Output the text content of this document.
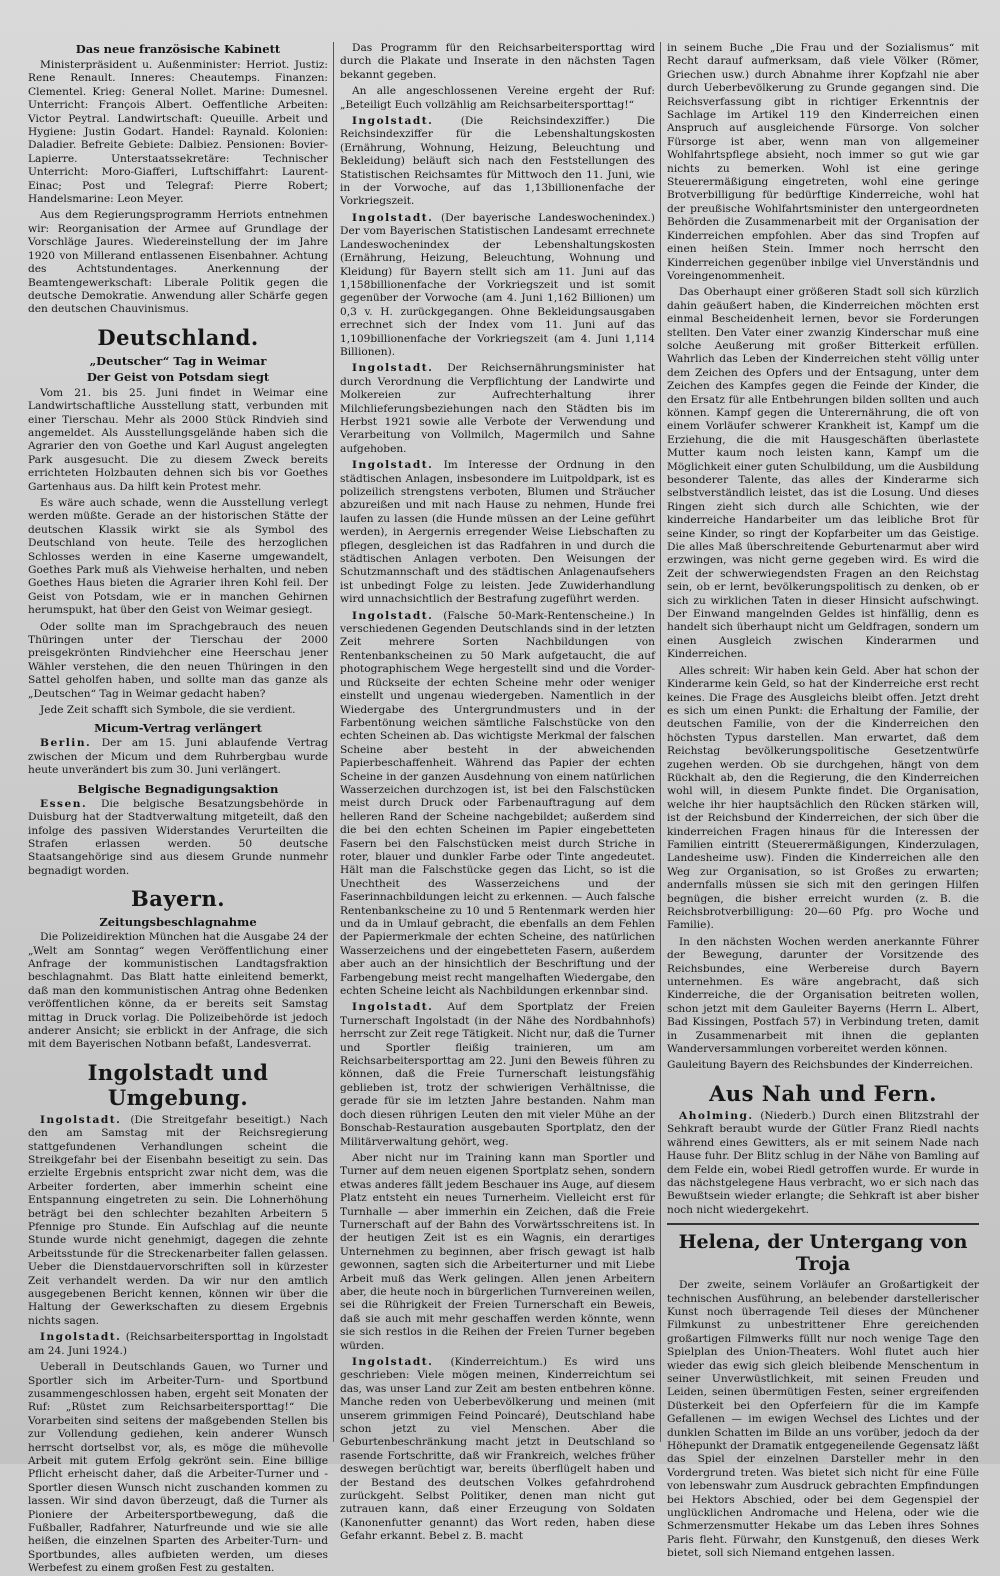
Das neue französische Kabinett

Ministerpräsident u. Außenminister: Herriot. Justiz: Rene Renault. Inneres: Cheautemps. Finanzen: Clementel. Krieg: General Nollet. Marine: Dumesnel. Unterricht: François Albert. Oeffentliche Arbeiten: Victor Peytral. Landwirtschaft: Queuille. Arbeit und Hygiene: Justin Godart. Handel: Raynald. Kolonien: Daladier. Befreite Gebiete: Dalbiez. Pensionen: Bovier-Lapierre. Unterstaatssekretäre: Technischer Unterricht: Moro-Giafferi, Luftschiffahrt: Laurent-Einac; Post und Telegraf: Pierre Robert; Handelsmarine: Leon Meyer.

Aus dem Regierungsprogramm Herriots entnehmen wir: Reorganisation der Armee auf Grundlage der Vorschläge Jaures. Wiedereinstellung der im Jahre 1920 von Millerand entlassenen Eisenbahner. Achtung des Achtstundentages. Anerkennung der Beamtengewerkschaft: Liberale Politik gegen die deutsche Demokratie. Anwendung aller Schärfe gegen den deutschen Chauvinismus.

Deutschland.
„Deutscher“ Tag in Weimar
Der Geist von Potsdam siegt

Vom 21. bis 25. Juni findet in Weimar eine Landwirtschaftliche Ausstellung statt, verbunden mit einer Tierschau. Mehr als 2000 Stück Rindvieh sind angemeldet. Als Ausstellungsgelände haben sich die Agrarier den von Goethe und Karl August angelegten Park ausgesucht. Die zu diesem Zweck bereits errichteten Holzbauten dehnen sich bis vor Goethes Gartenhaus aus. Da hilft kein Protest mehr.

Es wäre auch schade, wenn die Ausstellung verlegt werden müßte. Gerade an der historischen Stätte der deutschen Klassik wirkt sie als Symbol des Deutschland von heute. Teile des herzoglichen Schlosses werden in eine Kaserne umgewandelt, Goethes Park muß als Viehweise herhalten, und neben Goethes Haus bieten die Agrarier ihren Kohl feil. Der Geist von Potsdam, wie er in manchen Gehirnen herumspukt, hat über den Geist von Weimar gesiegt.

Oder sollte man im Sprachgebrauch des neuen Thüringen unter der Tierschau der 2000 preisgekrönten Rindviehcher eine Heerschau jener Wähler verstehen, die den neuen Thüringen in den Sattel geholfen haben, und sollte man das ganze als „Deutschen“ Tag in Weimar gedacht haben?

Jede Zeit schafft sich Symbole, die sie verdient.

Micum-Vertrag verlängert

Berlin. Der am 15. Juni ablaufende Vertrag zwischen der Micum und dem Ruhrbergbau wurde heute unverändert bis zum 30. Juni verlängert.

Belgische Begnadigungsaktion

Essen. Die belgische Besatzungsbehörde in Duisburg hat der Stadtverwaltung mitgeteilt, daß den infolge des passiven Widerstandes Verurteilten die Strafen erlassen werden. 50 deutsche Staatsangehörige sind aus diesem Grunde nunmehr begnadigt worden.

Bayern.
Zeitungsbeschlagnahme

Die Polizeidirektion München hat die Ausgabe 24 der „Welt am Sonntag“ wegen Veröffentlichung einer Anfrage der kommunistischen Landtagsfraktion beschlagnahmt. Das Blatt hatte einleitend bemerkt, daß man den kommunistischen Antrag ohne Bedenken veröffentlichen könne, da er bereits seit Samstag mittag in Druck vorlag. Die Polizeibehörde ist jedoch anderer Ansicht; sie erblickt in der Anfrage, die sich mit dem Bayerischen Notbann befaßt, Landesverrat.

Ingolstadt und Umgebung.

Ingolstadt. (Die Streitgefahr beseitigt.) Nach den am Samstag mit der Reichsregierung stattgefundenen Verhandlungen scheint die Streikgefahr bei der Eisenbahn beseitigt zu sein. Das erzielte Ergebnis entspricht zwar nicht dem, was die Arbeiter forderten, aber immerhin scheint eine Entspannung eingetreten zu sein. Die Lohnerhöhung beträgt bei den schlechter bezahlten Arbeitern 5 Pfennige pro Stunde. Ein Aufschlag auf die neunte Stunde wurde nicht genehmigt, dagegen die zehnte Arbeitsstunde für die Streckenarbeiter fallen gelassen. Ueber die Dienstdauervorschriften soll in kürzester Zeit verhandelt werden. Da wir nur den amtlich ausgegebenen Bericht kennen, können wir über die Haltung der Gewerkschaften zu diesem Ergebnis nichts sagen.

Ingolstadt. (Reichsarbeitersporttag in Ingolstadt am 24. Juni 1924.)

Ueberall in Deutschlands Gauen, wo Turner und Sportler sich im Arbeiter-Turn- und Sportbund zusammengeschlossen haben, ergeht seit Monaten der Ruf: „Rüstet zum Reichsarbeitersporttag!“ Die Vorarbeiten sind seitens der maßgebenden Stellen bis zur Vollendung gediehen, kein anderer Wunsch herrscht dortselbst vor, als, es möge die mühevolle Arbeit mit gutem Erfolg gekrönt sein. Eine billige Pflicht erheischt daher, daß die Arbeiter-Turner und -Sportler diesen Wunsch nicht zuschanden kommen zu lassen. Wir sind davon überzeugt, daß die Turner als Pioniere der Arbeitersportbewegung, daß die Fußballer, Radfahrer, Naturfreunde und wie sie alle heißen, die einzelnen Sparten des Arbeiter-Turn- und Sportbundes, alles aufbieten werden, um dieses Werbefest zu einem großen Fest zu gestalten.

Das Programm für den Reichsarbeitersporttag wird durch die Plakate und Inserate in den nächsten Tagen bekannt gegeben.

An alle angeschlossenen Vereine ergeht der Ruf: „Beteiligt Euch vollzählig am Reichsarbeitersporttag!“

Ingolstadt.	(Die Reichsindexziffer.)	Die Reichsindexziffer für die Lebenshaltungskosten (Ernährung, Wohnung, Heizung, Beleuchtung und Bekleidung) beläuft sich nach den Feststellungen des Statistischen Reichsamtes für Mittwoch den 11. Juni, wie in der Vorwoche, auf das 1,13billionenfache der Vorkriegszeit.

Ingolstadt. (Der bayerische Landeswochenindex.) Der vom Bayerischen Statistischen Landesamt errechnete Landeswochenindex der Lebenshaltungskosten (Ernährung, Heizung, Beleuchtung, Wohnung und Kleidung) für Bayern stellt sich am 11. Juni auf das 1,158billionenfache der Vorkriegszeit und ist somit gegenüber der Vorwoche (am 4. Juni 1,162 Billionen) um 0,3 v. H. zurückgegangen. Ohne Bekleidungsausgaben errechnet sich der Index vom 11. Juni auf das 1,109billionenfache der Vorkriegszeit (am 4. Juni 1,114 Billionen).

Ingolstadt. Der Reichsernährungsminister hat durch Verordnung die Verpflichtung der Landwirte und Molkereien zur Aufrechterhaltung ihrer Milchlieferungsbeziehungen nach den Städten bis im Herbst 1921 sowie alle Verbote der Verwendung und Verarbeitung von Vollmilch, Magermilch und Sahne aufgehoben.

Ingolstadt. Im Interesse der Ordnung in den städtischen Anlagen, insbesondere im Luitpoldpark, ist es polizeilich strengstens verboten, Blumen und Sträucher abzureißen und mit nach Hause zu nehmen, Hunde frei laufen zu lassen (die Hunde müssen an der Leine geführt werden), in Aergernis erregender Weise Liebschaften zu pflegen, desgleichen ist das Radfahren in und durch die städtischen Anlagen verboten. Den Weisungen der Schutzmannschaft und des städtischen Anlagenaufsehers ist unbedingt Folge zu leisten. Jede Zuwiderhandlung wird unnachsichtlich der Bestrafung zugeführt werden.

Ingolstadt. (Falsche 50-Mark-Rentenscheine.) In verschiedenen Gegenden Deutschlands sind in der letzten Zeit mehrere Sorten Nachbildungen von Rentenbankscheinen zu 50 Mark aufgetaucht, die auf photographischem Wege hergestellt sind und die Vorder- und Rückseite der echten Scheine mehr oder weniger einstellt und ungenau wiedergeben. Namentlich in der Wiedergabe des Untergrundmusters und in der Farbentönung weichen sämtliche Falschstücke von den echten Scheinen ab. Das wichtigste Merkmal der falschen Scheine aber besteht in der abweichenden Papierbeschaffenheit. Während das Papier der echten Scheine in der ganzen Ausdehnung von einem natürlichen Wasserzeichen durchzogen ist, ist bei den Falschstücken meist durch Druck oder Farbenauftragung auf dem helleren Rand der Scheine nachgebildet; außerdem sind die bei den echten Scheinen im Papier eingebetteten Fasern bei den Falschstücken meist durch Striche in roter, blauer und dunkler Farbe oder Tinte angedeutet. Hält man die Falschstücke gegen das Licht, so ist die Unechtheit des Wasserzeichens und der Faserinnachbildungen leicht zu erkennen. — Auch falsche Rentenbankscheine zu 10 und 5 Rentenmark werden hier und da in Umlauf gebracht, die ebenfalls an dem Fehlen der Papiermerkmale der echten Scheine, des natürlichen Wasserzeichens und der eingebetteten Fasern, außerdem aber auch an der hinsichtlich der Beschriftung und der Farbengebung meist recht mangelhaften Wiedergabe, den echten Scheine leicht als Nachbildungen erkennbar sind.

Ingolstadt. Auf dem Sportplatz der Freien Turnerschaft Ingolstadt (in der Nähe des Nordbahnhofs) herrscht zur Zeit rege Tätigkeit. Nicht nur, daß die Turner und Sportler fleißig trainieren, um am Reichsarbeitersporttag am 22. Juni den Beweis führen zu können, daß die Freie Turnerschaft leistungsfähig geblieben ist, trotz der schwierigen Verhältnisse, die gerade für sie im letzten Jahre bestanden. Nahm man doch diesen rührigen Leuten den mit vieler Mühe an der Bonschab-Restauration ausgebauten Sportplatz, den der Militärverwaltung gehört, weg.

Aber nicht nur im Training kann man Sportler und Turner auf dem neuen eigenen Sportplatz sehen, sondern etwas anderes fällt jedem Beschauer ins Auge, auf diesem Platz entsteht ein neues Turnerheim. Vielleicht erst für Turnhalle — aber immerhin ein Zeichen, daß die Freie Turnerschaft auf der Bahn des Vorwärtsschreitens ist. In der heutigen Zeit ist es ein Wagnis, ein derartiges Unternehmen zu beginnen, aber frisch gewagt ist halb gewonnen, sagten sich die Arbeiterturner und mit Liebe Arbeit muß das Werk gelingen. Allen jenen Arbeitern aber, die heute noch in bürgerlichen Turnvereinen weilen, sei die Rührigkeit der Freien Turnerschaft ein Beweis, daß sie auch mit mehr geschaffen werden könnte, wenn sie sich restlos in die Reihen der Freien Turner begeben würden.

Ingolstadt. (Kinderreichtum.) Es wird uns geschrieben: Viele mögen meinen, Kinderreichtum sei das, was unser Land zur Zeit am besten entbehren könne. Manche reden von Ueberbevölkerung und meinen (mit unserem grimmigen Feind Poincaré), Deutschland habe schon jetzt zu viel Menschen. Aber die Geburtenbeschränkung macht jetzt in Deutschland so rasende Fortschritte, daß wir Frankreich, welches früher deswegen berüchtigt war, bereits überflügelt haben und der Bestand des deutschen Volkes gefahrdrohend zurückgeht. Selbst Politiker, denen man nicht gut zutrauen kann, daß einer Erzeugung von Soldaten (Kanonenfutter genannt) das Wort reden, haben diese Gefahr erkannt. Bebel z. B. macht

in seinem Buche „Die Frau und der Sozialismus“ mit Recht darauf aufmerksam, daß viele Völker (Römer, Griechen usw.) durch Abnahme ihrer Kopfzahl nie aber durch Ueberbevölkerung zu Grunde gegangen sind. Die Reichsverfassung gibt in richtiger Erkenntnis der Sachlage im Artikel 119 den Kinderreichen einen Anspruch auf ausgleichende Fürsorge. Von solcher Fürsorge ist aber, wenn man von allgemeiner Wohlfahrtspflege absieht, noch immer so gut wie gar nichts zu bemerken. Wohl ist eine geringe Steuerermäßigung eingetreten, wohl eine geringe Brotverbilligung für bedürftige Kinderreiche, wohl hat der preußische Wohlfahrtsminister den untergeordneten Behörden die Zusammenarbeit mit der Organisation der Kinderreichen empfohlen. Aber das sind Tropfen auf einen heißen Stein. Immer noch herrscht den Kinderreichen gegenüber inbilge viel Unverständnis und Voreingenommenheit.

Das Oberhaupt einer größeren Stadt soll sich kürzlich dahin geäußert haben, die Kinderreichen möchten erst einmal Bescheidenheit lernen, bevor sie Forderungen stellten. Den Vater einer zwanzig Kinderschar muß eine solche Aeußerung mit großer Bitterkeit erfüllen. Wahrlich das Leben der Kinderreichen steht völlig unter dem Zeichen des Opfers und der Entsagung, unter dem Zeichen des Kampfes gegen die Feinde der Kinder, die den Ersatz für alle Entbehrungen bilden sollten und auch können. Kampf gegen die Unterernährung, die oft von einem Vorläufer schwerer Krankheit ist, Kampf um die Erziehung, die die mit Hausgeschäften überlastete Mutter kaum noch leisten kann, Kampf um die Möglichkeit einer guten Schulbildung, um die Ausbildung besonderer Talente, das alles der Kinderarme sich selbstverständlich leistet, das ist die Losung. Und dieses Ringen zieht sich durch alle Schichten, wie der kinderreiche Handarbeiter um das leibliche Brot für seine Kinder, so ringt der Kopfarbeiter um das Geistige. Die alles Maß überschreitende Geburtenarmut aber wird erzwingen, was nicht gerne gegeben wird. Es wird die Zeit der schwerwiegendsten Fragen an den Reichstag sein, ob er lernt, bevölkerungspolitisch zu denken, ob er sich zu wirklichen Taten in dieser Hinsicht aufschwingt. Der Einwand mangelnden Geldes ist hinfällig, denn es handelt sich überhaupt nicht um Geldfragen, sondern um einen Ausgleich zwischen Kinderarmen und Kinderreichen.

Alles schreit: Wir haben kein Geld. Aber hat schon der Kinderarme kein Geld, so hat der Kinderreiche erst recht keines. Die Frage des Ausgleichs bleibt offen. Jetzt dreht es sich um einen Punkt: die Erhaltung der Familie, der deutschen Familie, von der die Kinderreichen den höchsten Typus darstellen. Man erwartet, daß dem Reichstag bevölkerungspolitische Gesetzentwürfe zugehen werden. Ob sie durchgehen, hängt von dem Rückhalt ab, den die Regierung, die den Kinderreichen wohl will, in diesem Punkte findet. Die Organisation, welche ihr hier hauptsächlich den Rücken stärken will, ist der Reichsbund der Kinderreichen, der sich über die kinderreichen Fragen hinaus für die Interessen der Familien eintritt (Steuerermäßigungen, Kinderzulagen, Landesheime usw). Finden die Kinderreichen alle den Weg zur Organisation, so ist Großes zu erwarten; andernfalls müssen sie sich mit den geringen Hilfen begnügen, die bisher erreicht wurden (z. B. die Reichsbrotverbilligung: 20—60 Pfg. pro Woche und Familie).

In den nächsten Wochen werden anerkannte Führer der Bewegung, darunter der Vorsitzende des Reichsbundes, eine Werbereise durch Bayern unternehmen. Es wäre angebracht, daß sich Kinderreiche, die der Organisation beitreten wollen, schon jetzt mit dem Gauleiter Bayerns (Herrn L. Albert, Bad Kissingen, Postfach 57) in Verbindung treten, damit in Zusammenarbeit mit ihnen die geplanten Wanderversammlungen vorbereitet werden können.

Gauleitung Bayern des Reichsbundes der Kinderreichen.

Aus Nah und Fern.

Aholming. (Niederb.) Durch einen Blitzstrahl der Sehkraft beraubt wurde der Gütler Franz Riedl nachts während eines Gewitters, als er mit seinem Nade nach Hause fuhr. Der Blitz schlug in der Nähe von Bamling auf dem Felde ein, wobei Riedl getroffen wurde. Er wurde in das nächstgelegene Haus verbracht, wo er sich nach das Bewußtsein wieder erlangte; die Sehkraft ist aber bisher noch nicht wiedergekehrt.

Helena, der Untergang von Troja

Der zweite, seinem Vorläufer an Großartigkeit der technischen Ausführung, an belebender darstellerischer Kunst noch überragende Teil dieses der Münchener Filmkunst zu unbestrittener Ehre gereichenden großartigen Filmwerks füllt nur noch wenige Tage den Spielplan des Union-Theaters. Wohl flutet auch hier wieder das ewig sich gleich bleibende Menschentum in seiner Unverwüstlichkeit, mit seinen Freuden und Leiden, seinen übermütigen Festen, seiner ergreifenden Düsterkeit bei den Opferfeiern für die im Kampfe Gefallenen — im ewigen Wechsel des Lichtes und der dunklen Schatten im Bilde an uns vorüber, jedoch da der Höhepunkt der Dramatik entgegeneilende Gegensatz läßt das Spiel der einzelnen Darsteller mehr in den Vordergrund treten. Was bietet sich nicht für eine Fülle von lebenswahr zum Ausdruck gebrachten Empfindungen bei Hektors Abschied, oder bei dem Gegenspiel der unglücklichen Andromache und Helena, oder wie die Schmerzensmutter Hekabe um das Leben ihres Sohnes Paris fleht. Fürwahr, den Kunstgenuß, den dieses Werk bietet, soll sich Niemand entgehen lassen.
